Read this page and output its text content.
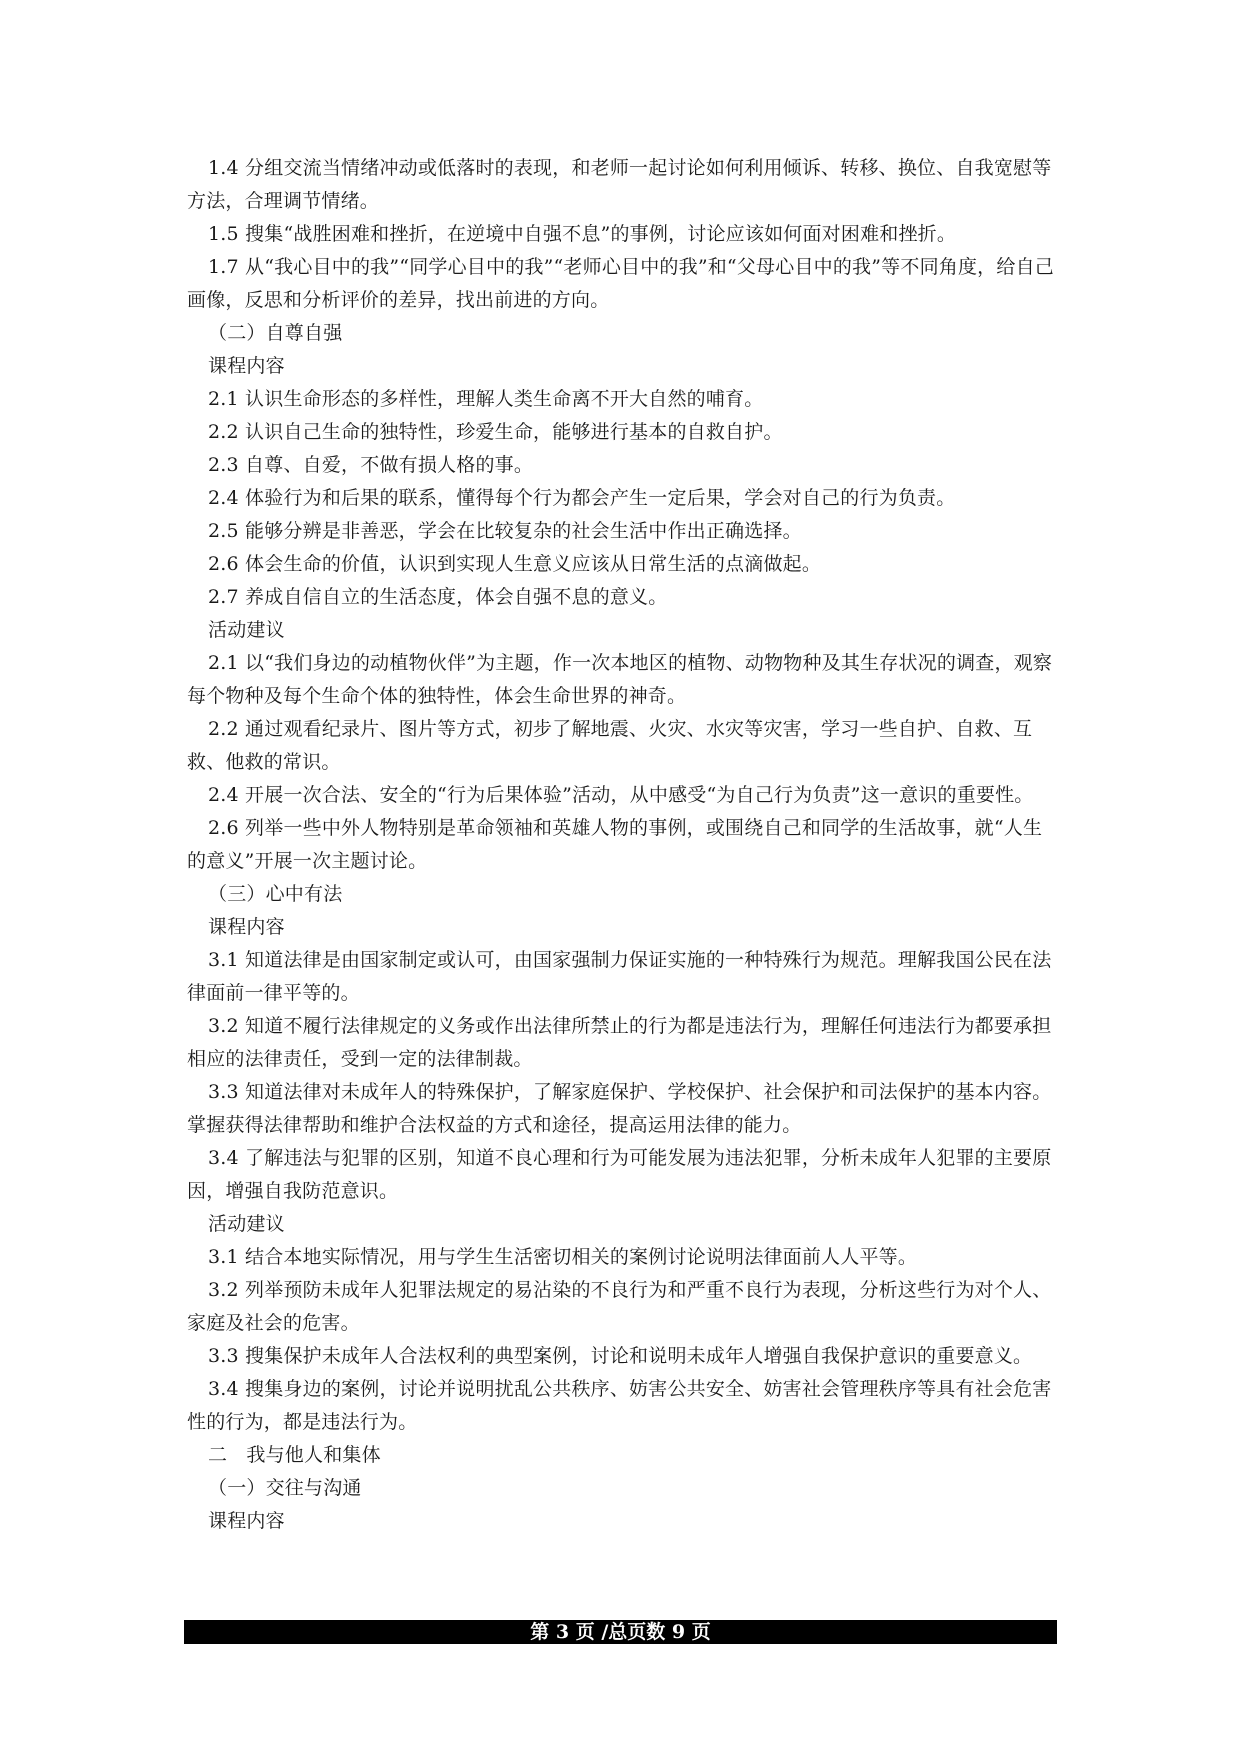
1.4 分组交流当情绪冲动或低落时的表现，和老师一起讨论如何利用倾诉、转移、换位、自我宽慰等方法，合理调节情绪。

1.5 搜集“战胜困难和挫折，在逆境中自强不息”的事例，讨论应该如何面对困难和挫折。

1.7 从“我心目中的我”“同学心目中的我”“老师心目中的我”和“父母心目中的我”等不同角度，给自己画像，反思和分析评价的差异，找出前进的方向。

（二）自尊自强

课程内容

2.1 认识生命形态的多样性，理解人类生命离不开大自然的哺育。

2.2 认识自己生命的独特性，珍爱生命，能够进行基本的自救自护。

2.3 自尊、自爱，不做有损人格的事。

2.4 体验行为和后果的联系，懂得每个行为都会产生一定后果，学会对自己的行为负责。

2.5 能够分辨是非善恶，学会在比较复杂的社会生活中作出正确选择。

2.6 体会生命的价值，认识到实现人生意义应该从日常生活的点滴做起。

2.7 养成自信自立的生活态度，体会自强不息的意义。

活动建议

2.1 以“我们身边的动植物伙伴”为主题，作一次本地区的植物、动物物种及其生存状况的调查，观察每个物种及每个生命个体的独特性，体会生命世界的神奇。

2.2 通过观看纪录片、图片等方式，初步了解地震、火灾、水灾等灾害，学习一些自护、自救、互救、他救的常识。

2.4 开展一次合法、安全的“行为后果体验”活动，从中感受“为自己行为负责”这一意识的重要性。

2.6 列举一些中外人物特别是革命领袖和英雄人物的事例，或围绕自己和同学的生活故事，就“人生的意义”开展一次主题讨论。

（三）心中有法

课程内容

3.1 知道法律是由国家制定或认可，由国家强制力保证实施的一种特殊行为规范。理解我国公民在法律面前一律平等的。

3.2 知道不履行法律规定的义务或作出法律所禁止的行为都是违法行为，理解任何违法行为都要承担相应的法律责任，受到一定的法律制裁。

3.3 知道法律对未成年人的特殊保护，了解家庭保护、学校保护、社会保护和司法保护的基本内容。掌握获得法律帮助和维护合法权益的方式和途径，提高运用法律的能力。

3.4 了解违法与犯罪的区别，知道不良心理和行为可能发展为违法犯罪，分析未成年人犯罪的主要原因，增强自我防范意识。

活动建议

3.1 结合本地实际情况，用与学生生活密切相关的案例讨论说明法律面前人人平等。

3.2 列举预防未成年人犯罪法规定的易沾染的不良行为和严重不良行为表现，分析这些行为对个人、家庭及社会的危害。

3.3 搜集保护未成年人合法权利的典型案例，讨论和说明未成年人增强自我保护意识的重要意义。

3.4 搜集身边的案例，讨论并说明扰乱公共秩序、妨害公共安全、妨害社会管理秩序等具有社会危害性的行为，都是违法行为。

二　我与他人和集体

（一）交往与沟通

课程内容

第 3 页 /总页数 9 页
